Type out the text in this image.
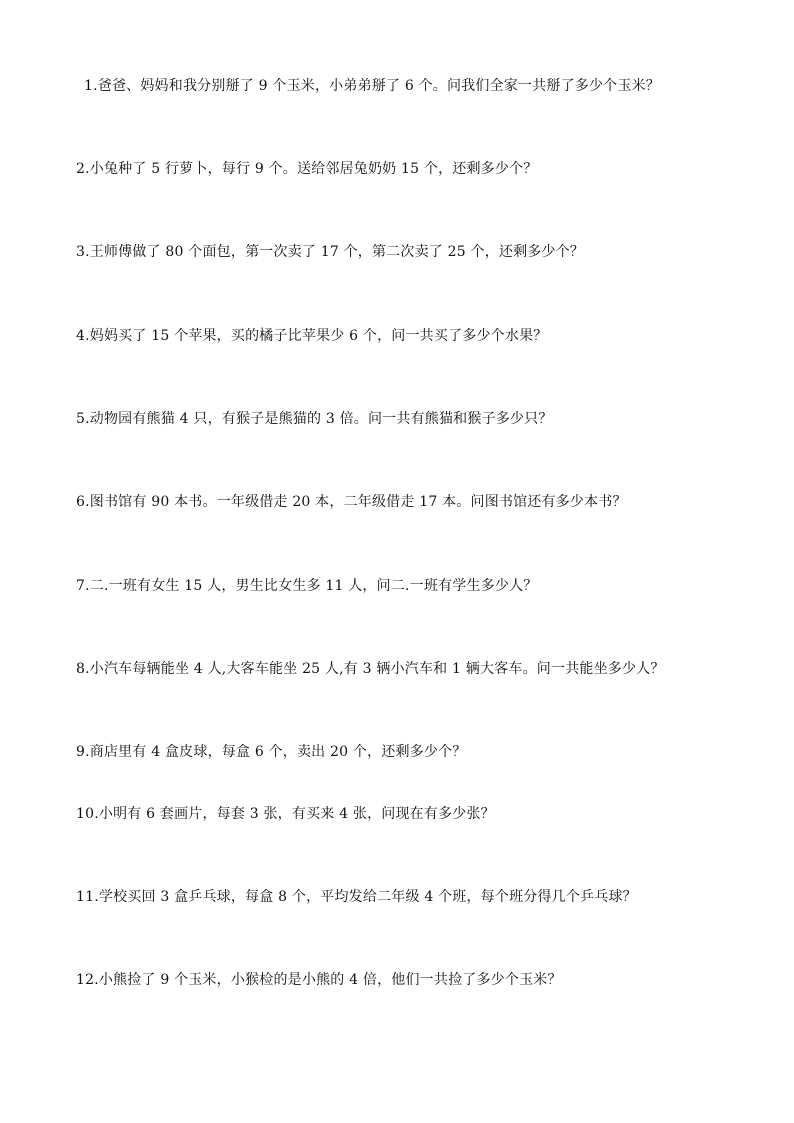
1.爸爸、妈妈和我分别掰了 9 个玉米，小弟弟掰了 6 个。问我们全家一共掰了多少个玉米？
2.小兔种了 5 行萝卜，每行 9 个。送给邻居兔奶奶 15 个，还剩多少个？
3.王师傅做了 80 个面包，第一次卖了 17 个，第二次卖了 25 个，还剩多少个？
4.妈妈买了 15 个苹果，买的橘子比苹果少 6 个，问一共买了多少个水果？
5.动物园有熊猫 4 只，有猴子是熊猫的 3 倍。问一共有熊猫和猴子多少只？
6.图书馆有 90 本书。一年级借走 20 本，二年级借走 17 本。问图书馆还有多少本书？
7.二.一班有女生 15 人，男生比女生多 11 人，问二.一班有学生多少人？
8.小汽车每辆能坐 4 人,大客车能坐 25 人,有 3 辆小汽车和 1 辆大客车。问一共能坐多少人？
9.商店里有 4 盒皮球，每盒 6 个，卖出 20 个，还剩多少个？
10.小明有 6 套画片，每套 3 张，有买来 4 张，问现在有多少张？
11.学校买回 3 盒乒乓球，每盒 8 个，平均发给二年级 4 个班，每个班分得几个乒乓球？
12.小熊捡了 9 个玉米，小猴检的是小熊的 4 倍，他们一共捡了多少个玉米？
